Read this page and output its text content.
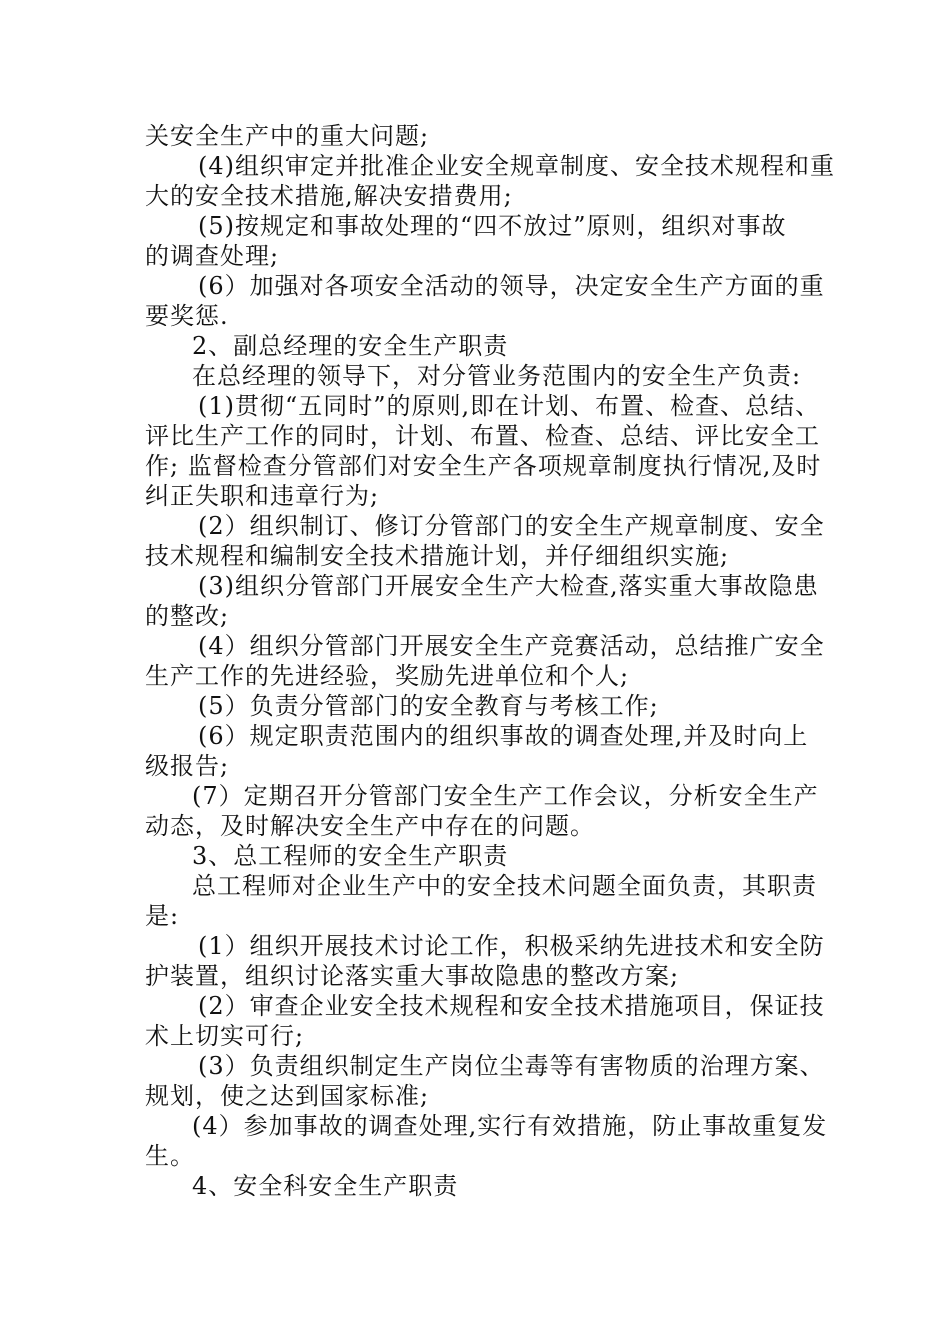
关安全生产中的重大问题;
(4)组织审定并批准企业安全规章制度、安全技术规程和重
大的安全技术措施,解决安措费用;
(5)按规定和事故处理的“四不放过”原则，组织对事故
的调查处理;
(6）加强对各项安全活动的领导，决定安全生产方面的重
要奖惩.
2、副总经理的安全生产职责
在总经理的领导下，对分管业务范围内的安全生产负责:
(1)贯彻“五同时”的原则,即在计划、布置、检查、总结、
评比生产工作的同时，计划、布置、检查、总结、评比安全工
作; 监督检查分管部们对安全生产各项规章制度执行情况,及时
纠正失职和违章行为;
(2）组织制订、修订分管部门的安全生产规章制度、安全
技术规程和编制安全技术措施计划，并仔细组织实施;
(3)组织分管部门开展安全生产大检查,落实重大事故隐患
的整改;
(4）组织分管部门开展安全生产竞赛活动，总结推广安全
生产工作的先进经验，奖励先进单位和个人;
(5）负责分管部门的安全教育与考核工作;
(6）规定职责范围内的组织事故的调查处理,并及时向上
级报告;
(7）定期召开分管部门安全生产工作会议，分析安全生产
动态，及时解决安全生产中存在的问题。
3、总工程师的安全生产职责
总工程师对企业生产中的安全技术问题全面负责，其职责
是:
(1）组织开展技术讨论工作，积极采纳先进技术和安全防
护装置，组织讨论落实重大事故隐患的整改方案;
(2）审查企业安全技术规程和安全技术措施项目，保证技
术上切实可行;
(3）负责组织制定生产岗位尘毒等有害物质的治理方案、
规划，使之达到国家标准;
(4）参加事故的调查处理,实行有效措施，防止事故重复发
生。
4、安全科安全生产职责
